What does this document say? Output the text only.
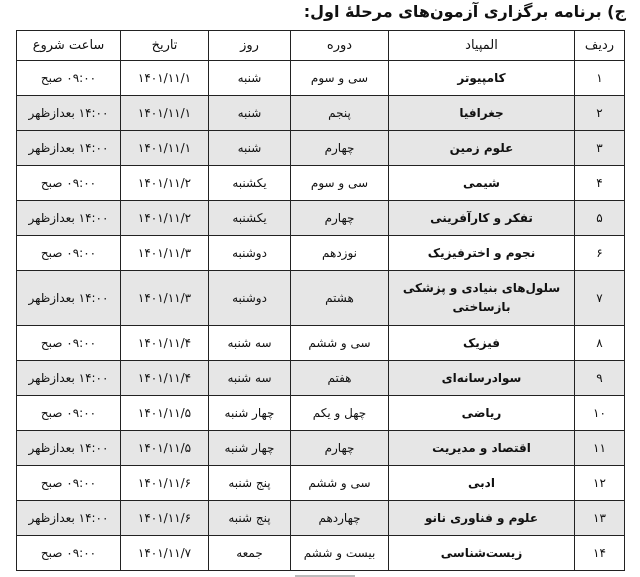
ج) برنامه برگزاری آزمون‌های مرحلهٔ اول:
ردیف	المپیاد	دوره	روز	تاریخ	ساعت شروع
۱	کامپیوتر	سی و سوم	شنبه	۱۴۰۱/۱۱/۱	۰۹:۰۰ صبح
۲	جغرافیا	پنجم	شنبه	۱۴۰۱/۱۱/۱	۱۴:۰۰ بعدازظهر
۳	علوم زمین	چهارم	شنبه	۱۴۰۱/۱۱/۱	۱۴:۰۰ بعدازظهر
۴	شیمی	سی و سوم	یکشنبه	۱۴۰۱/۱۱/۲	۰۹:۰۰ صبح
۵	تفکر و کارآفرینی	چهارم	یکشنبه	۱۴۰۱/۱۱/۲	۱۴:۰۰ بعدازظهر
۶	نجوم و اخترفیزیک	نوزدهم	دوشنبه	۱۴۰۱/۱۱/۳	۰۹:۰۰ صبح
۷	سلول‌های بنیادی و پزشکی
بازساختی	هشتم	دوشنبه	۱۴۰۱/۱۱/۳	۱۴:۰۰ بعدازظهر
۸	فیزیک	سی و ششم	سه شنبه	۱۴۰۱/۱۱/۴	۰۹:۰۰ صبح
۹	سوادرسانه‌ای	هفتم	سه شنبه	۱۴۰۱/۱۱/۴	۱۴:۰۰ بعدازظهر
۱۰	ریاضی	چهل و یکم	چهار شنبه	۱۴۰۱/۱۱/۵	۰۹:۰۰ صبح
۱۱	اقتصاد و مدیریت	چهارم	چهار شنبه	۱۴۰۱/۱۱/۵	۱۴:۰۰ بعدازظهر
۱۲	ادبی	سی و ششم	پنج شنبه	۱۴۰۱/۱۱/۶	۰۹:۰۰ صبح
۱۳	علوم و فناوری نانو	چهاردهم	پنج شنبه	۱۴۰۱/۱۱/۶	۱۴:۰۰ بعدازظهر
۱۴	زیست‌شناسی	بیست و ششم	جمعه	۱۴۰۱/۱۱/۷	۰۹:۰۰ صبح
